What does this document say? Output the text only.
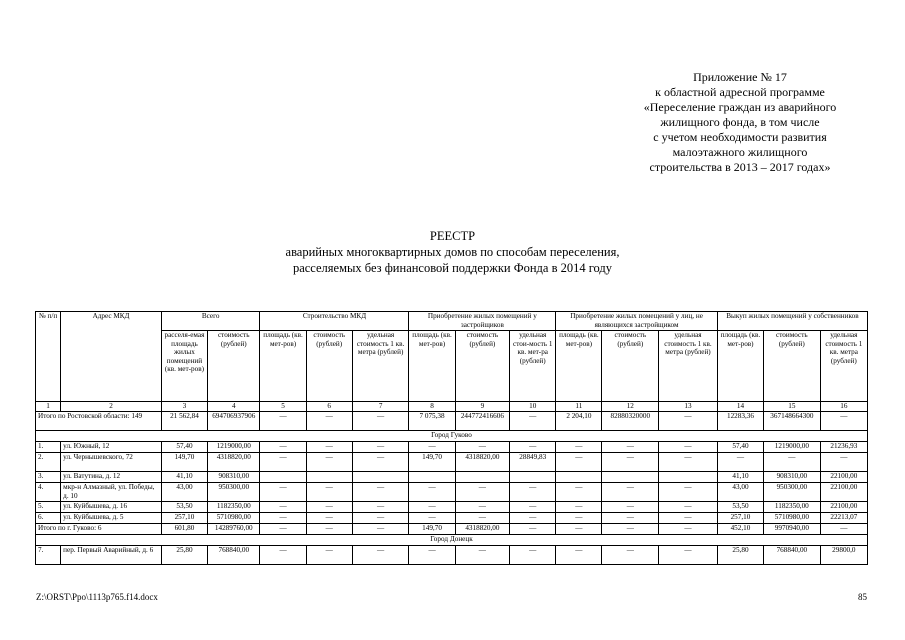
Приложение № 17
к областной адресной программе
«Переселение граждан из аварийного
жилищного фонда, в том числе
с учетом необходимости развития
малоэтажного жилищного
строительства в 2013 – 2017 годах»
РЕЕСТР
аварийных многоквартирных домов по способам переселения,
расселяемых без финансовой поддержки Фонда в 2014 году
№ п/п	Адрес МКД	Всего		Строительство МКД			Приобретение жилых помещений у застройщиков			Приобретение жилых помещений у лиц, не являющихся застройщиком			Выкуп жилых помещений у собственников		
		расселя-емая площадь жилых помещений (кв. мет-ров)	стоимость (рублей)	площадь (кв. мет-ров)	стоимость (рублей)	удельная стоимость 1 кв. метра (рублей)	площадь (кв. мет-ров)	стоимость (рублей)	удельная стои-мость 1 кв. мет-ра (рублей)	площадь (кв. мет-ров)	стоимость (рублей)	удельная стоимость 1 кв. метра (рублей)	площадь (кв. мет-ров)	стоимость (рублей)	удельная стоимость 1 кв. метра (рублей)
1	2	3	4	5	6	7	8	9	10	11	12	13	14	15	16
Итого по Ростовской области: 149		21 562,84	694706937906	—	—	—	7 075,38	244772416606	—	2 204,10	82880320000	—	12283,36	367148664300	—
Город Гуково															
1.	ул. Южный, 12	57,40	1219000,00	—	—	—	—	—	—	—	—	—	57,40	1219000,00	21236,93
2.	ул. Чернышевского, 72	149,70	4318820,00	—	—	—	149,70	4318820,00	28849,83	—	—	—	—	—	—
3.	ул. Ватутина, д. 12	41,10	908310,00										41,10	908310,00	22100,00
4.	мкр-н Алмазный, ул. Победы, д. 10	43,00	950300,00	—	—	—	—	—	—	—	—	—	43,00	950300,00	22100,00
5.	ул. Куйбышева, д. 16	53,50	1182350,00	—	—	—	—	—	—	—	—	—	53,50	1182350,00	22100,00
6.	ул. Куйбышева, д. 5	257,10	5710980,00	—	—	—	—	—	—	—	—	—	257,10	5710980,00	22213,07
Итого по г. Гуково: 6		601,80	14289760,00	—	—	—	149,70	4318820,00	—	—	—	—	452,10	9970940,00	—
Город Донецк															
7.	пер. Первый Аварийный, д. 6	25,80	768840,00	—	—	—	—	—	—	—	—	—	25,80	768840,00	29800,0
Z:\ORST\Ppo\1113p765.f14.docx	85
